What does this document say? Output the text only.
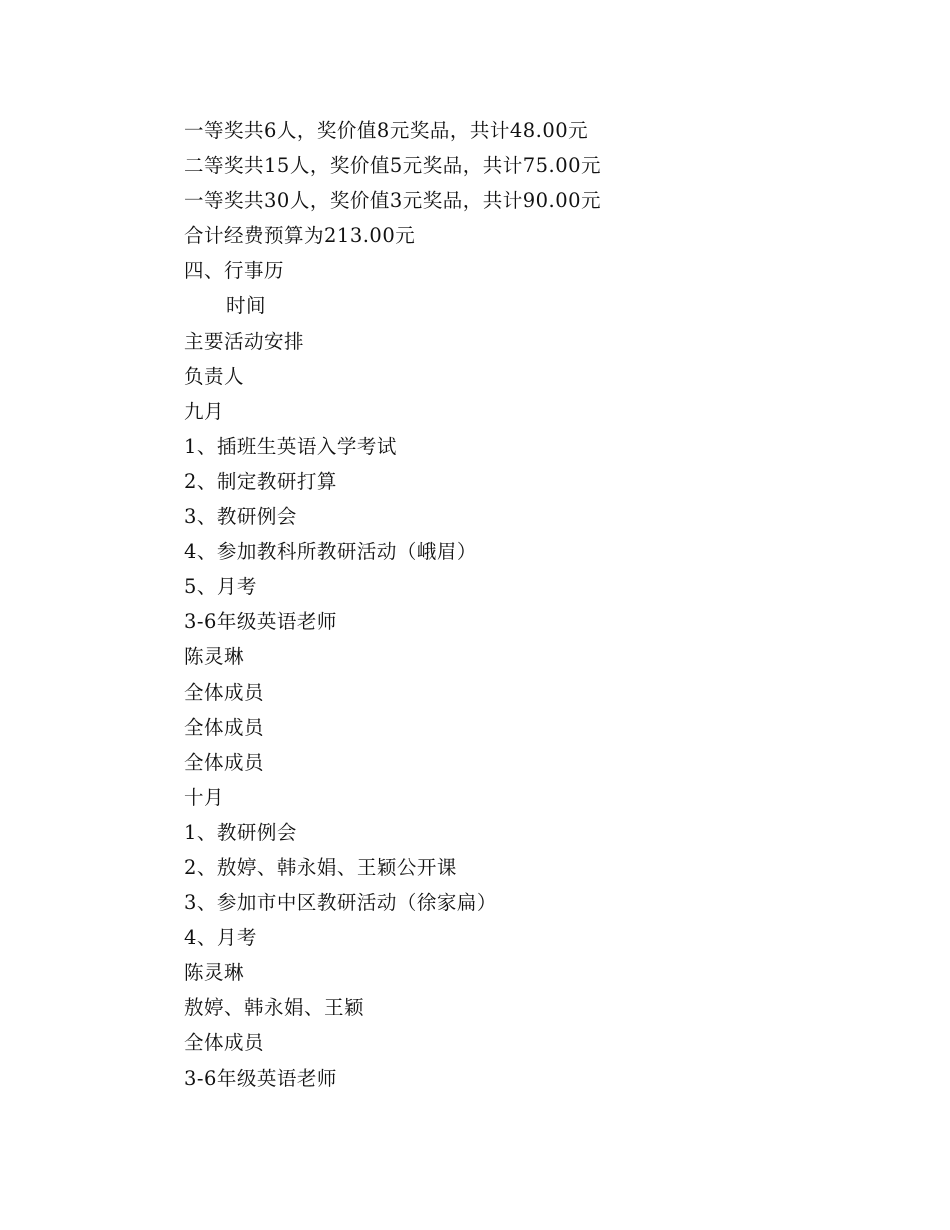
一等奖共6人，奖价值8元奖品，共计48.00元
二等奖共15人，奖价值5元奖品，共计75.00元
一等奖共30人，奖价值3元奖品，共计90.00元
合计经费预算为213.00元
四、行事历
时间
主要活动安排
负责人
九月
1、插班生英语入学考试
2、制定教研打算
3、教研例会
4、参加教科所教研活动（峨眉）
5、月考
3-6年级英语老师
陈灵琳
全体成员
全体成员
全体成员
十月
1、教研例会
2、敖婷、韩永娟、王颖公开课
3、参加市中区教研活动（徐家扁）
4、月考
陈灵琳
敖婷、韩永娟、王颖
全体成员
3-6年级英语老师
